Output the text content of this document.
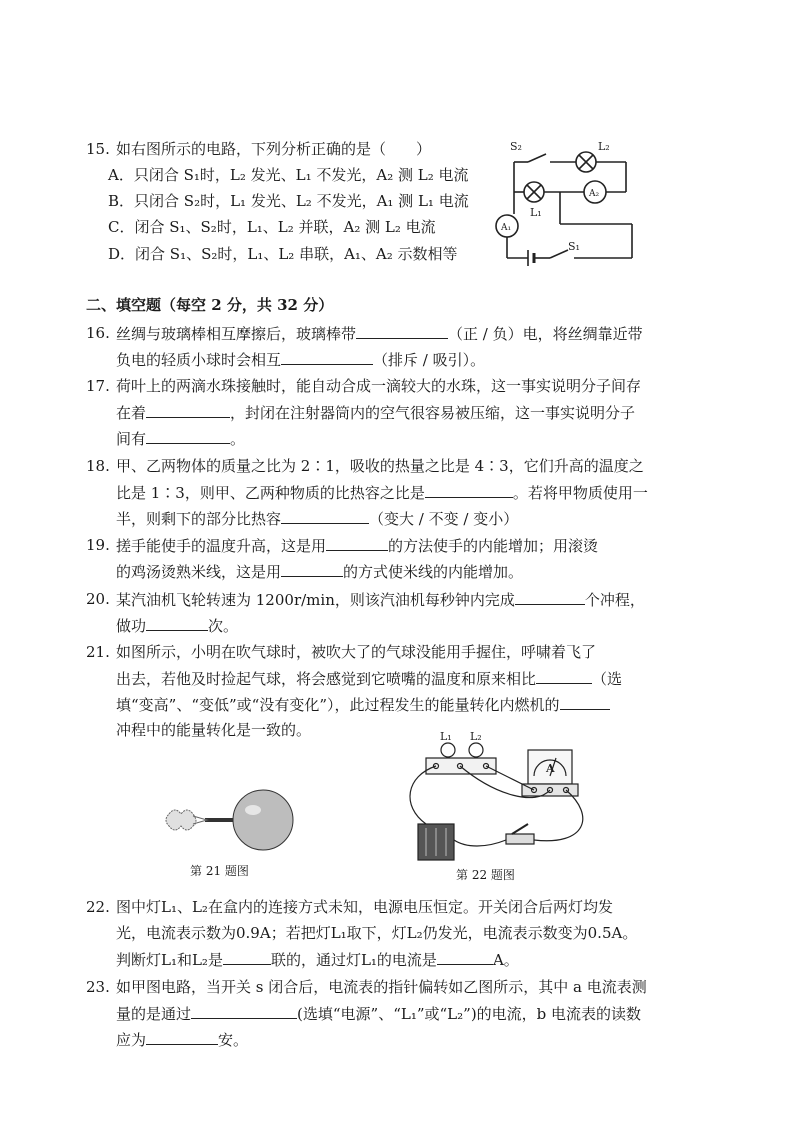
15. 如右图所示的电路，下列分析正确的是（　　）
A．只闭合 S₁时，L₂ 发光、L₁ 不发光，A₂ 测 L₂ 电流
B．只闭合 S₂时，L₁ 发光、L₂ 不发光，A₁ 测 L₁ 电流
C．闭合 S₁、S₂时，L₁、L₂ 并联，A₂ 测 L₂ 电流
D．闭合 S₁、S₂时，L₁、L₂ 串联，A₁、A₂ 示数相等
S₂	L₂
L₁
A₂
A₁
S₁
二、填空题（每空 2 分，共 32 分）
16. 丝绸与玻璃棒相互摩擦后，玻璃棒带	（正 / 负）电，将丝绸靠近带
负电的轻质小球时会相互	（排斥 / 吸引）。
17. 荷叶上的两滴水珠接触时，能自动合成一滴较大的水珠，这一事实说明分子间存
在着	，封闭在注射器筒内的空气很容易被压缩，这一事实说明分子
间有	。
18. 甲、乙两物体的质量之比为 2∶1，吸收的热量之比是 4∶3，它们升高的温度之
比是 1∶3，则甲、乙两种物质的比热容之比是	。若将甲物质使用一
半，则剩下的部分比热容	（变大 / 不变 / 变小）
19. 搓手能使手的温度升高，这是用	的方法使手的内能增加；用滚烫
的鸡汤烫熟米线，这是用	的方式使米线的内能增加。
20. 某汽油机飞轮转速为 1200r/min，则该汽油机每秒钟内完成	个冲程，
做功	次。
21. 如图所示，小明在吹气球时，被吹大了的气球没能用手握住，呼啸着飞了
出去，若他及时捡起气球，将会感觉到它喷嘴的温度和原来相比	（选
填“变高”、“变低”或“没有变化”），此过程发生的能量转化内燃机的
冲程中的能量转化是一致的。
第 21 题图
L₁ L₂
A
第 22 题图
22. 图中灯L₁、L₂在盒内的连接方式未知，电源电压恒定。开关闭合后两灯均发
光，电流表示数为0.9A；若把灯L₁取下，灯L₂仍发光，电流表示数变为0.5A。
判断灯L₁和L₂是	联的，通过灯L₁的电流是	A。
23. 如甲图电路，当开关 s 闭合后，电流表的指针偏转如乙图所示，其中 a 电流表测
量的是通过	(选填“电源”、“L₁”或“L₂”)的电流，b 电流表的读数
应为	安。
